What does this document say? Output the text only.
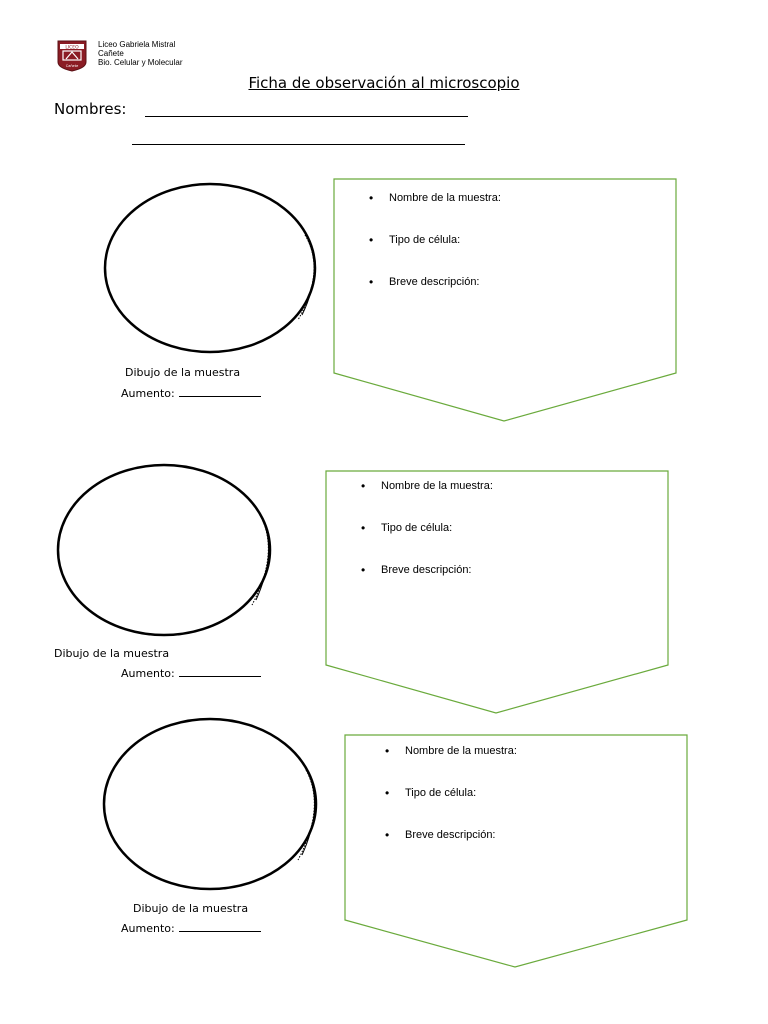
LICEO
Cañete
Liceo Gabriela Mistral
Cañete
Bio. Celular y Molecular
Ficha de observación al microscopio
Nombres:
Dibujo de la muestra
Aumento:
• Nombre de la muestra:
• Tipo de célula:
• Breve descripción:
Dibujo de la muestra
Aumento:
• Nombre de la muestra:
• Tipo de célula:
• Breve descripción:
Dibujo de la muestra
Aumento:
• Nombre de la muestra:
• Tipo de célula:
• Breve descripción:
